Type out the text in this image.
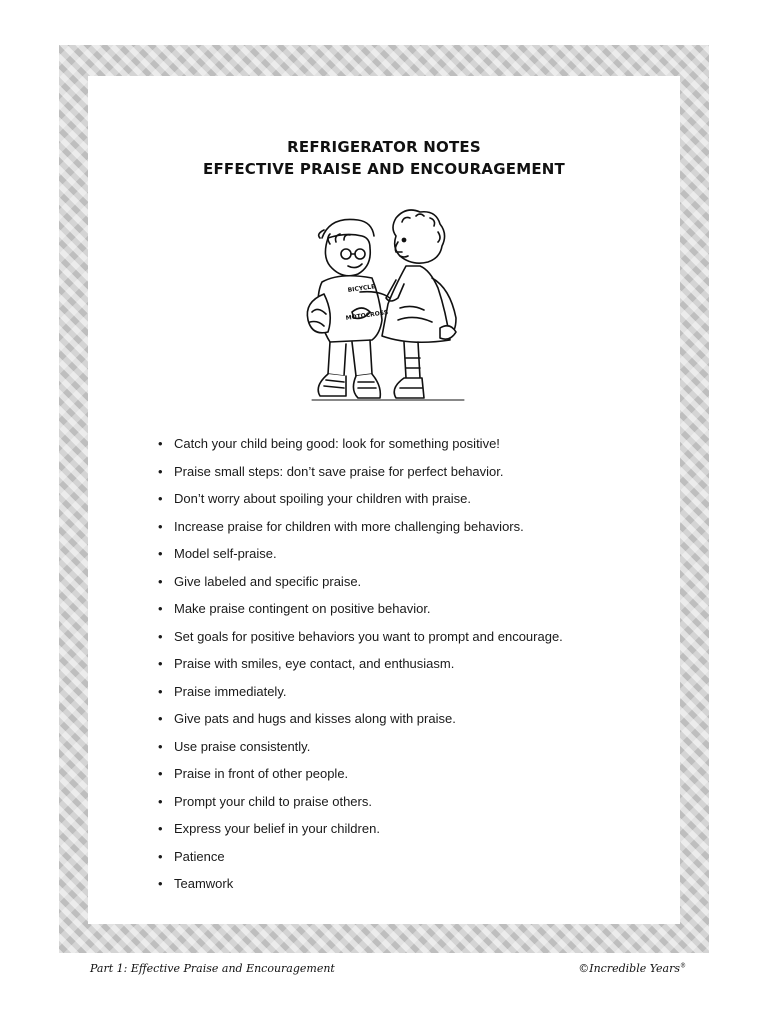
REFRIGERATOR NOTES
EFFECTIVE PRAISE AND ENCOURAGEMENT
BICYCLE
MOTOCROSS
• Catch your child being good: look for something positive!
• Praise small steps: don’t save praise for perfect behavior.
• Don’t worry about spoiling your children with praise.
• Increase praise for children with more challenging behaviors.
• Model self-praise.
• Give labeled and specific praise.
• Make praise contingent on positive behavior.
• Set goals for positive behaviors you want to prompt and encourage.
• Praise with smiles, eye contact, and enthusiasm.
• Praise immediately.
• Give pats and hugs and kisses along with praise.
• Use praise consistently.
• Praise in front of other people.
• Prompt your child to praise others.
• Express your belief in your children.
• Patience
• Teamwork
Part 1: Effective Praise and Encouragement	©Incredible Years®
